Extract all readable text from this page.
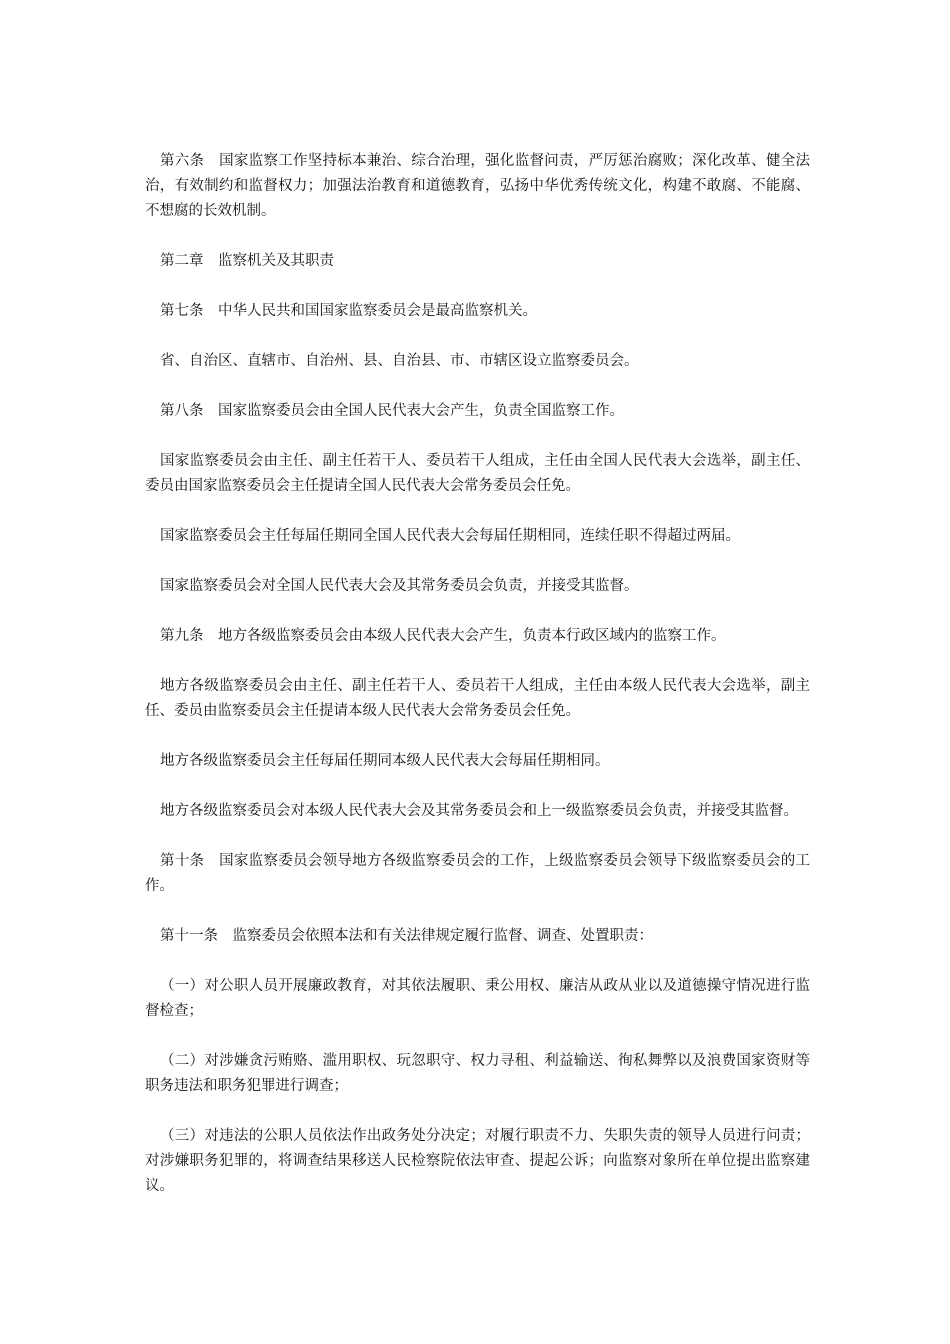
第六条　国家监察工作坚持标本兼治、综合治理，强化监督问责，严厉惩治腐败；深化改革、健全法治，有效制约和监督权力；加强法治教育和道德教育，弘扬中华优秀传统文化，构建不敢腐、不能腐、不想腐的长效机制。

第二章　监察机关及其职责

第七条　中华人民共和国国家监察委员会是最高监察机关。

省、自治区、直辖市、自治州、县、自治县、市、市辖区设立监察委员会。

第八条　国家监察委员会由全国人民代表大会产生，负责全国监察工作。

国家监察委员会由主任、副主任若干人、委员若干人组成，主任由全国人民代表大会选举，副主任、委员由国家监察委员会主任提请全国人民代表大会常务委员会任免。

国家监察委员会主任每届任期同全国人民代表大会每届任期相同，连续任职不得超过两届。

国家监察委员会对全国人民代表大会及其常务委员会负责，并接受其监督。

第九条　地方各级监察委员会由本级人民代表大会产生，负责本行政区域内的监察工作。

地方各级监察委员会由主任、副主任若干人、委员若干人组成，主任由本级人民代表大会选举，副主任、委员由监察委员会主任提请本级人民代表大会常务委员会任免。

地方各级监察委员会主任每届任期同本级人民代表大会每届任期相同。

地方各级监察委员会对本级人民代表大会及其常务委员会和上一级监察委员会负责，并接受其监督。

第十条　国家监察委员会领导地方各级监察委员会的工作，上级监察委员会领导下级监察委员会的工作。

第十一条　监察委员会依照本法和有关法律规定履行监督、调查、处置职责：

（一）对公职人员开展廉政教育，对其依法履职、秉公用权、廉洁从政从业以及道德操守情况进行监督检查；

（二）对涉嫌贪污贿赂、滥用职权、玩忽职守、权力寻租、利益输送、徇私舞弊以及浪费国家资财等职务违法和职务犯罪进行调查；

（三）对违法的公职人员依法作出政务处分决定；对履行职责不力、失职失责的领导人员进行问责；对涉嫌职务犯罪的，将调查结果移送人民检察院依法审查、提起公诉；向监察对象所在单位提出监察建议。
